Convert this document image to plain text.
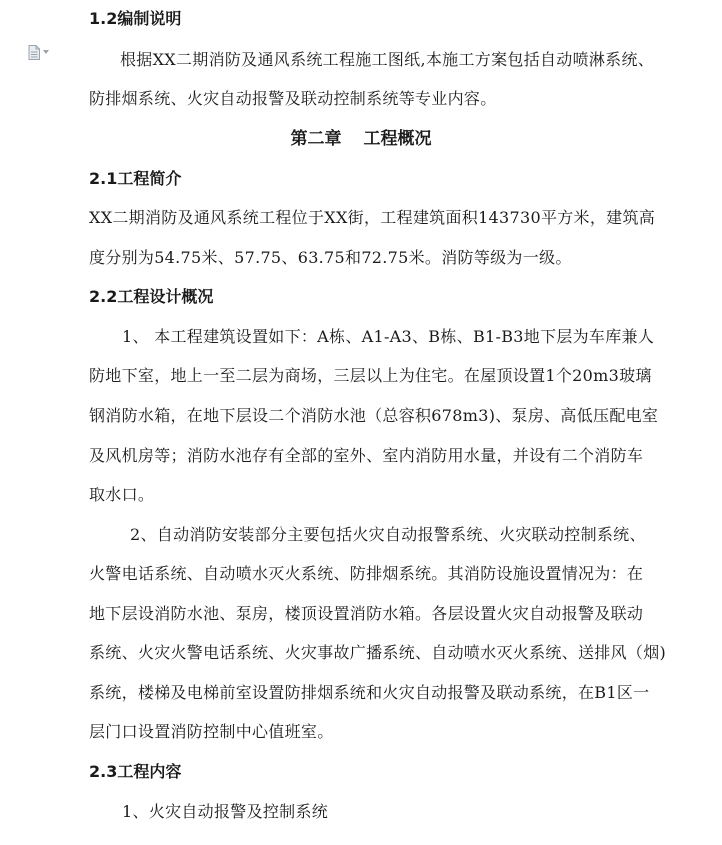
1.2编制说明
根据XX二期消防及通风系统工程施工图纸,本施工方案包括自动喷淋系统、
防排烟系统、火灾自动报警及联动控制系统等专业内容。
第二章 工程概况
2.1工程简介
XX二期消防及通风系统工程位于XX街，工程建筑面积143730平方米，建筑高
度分别为54.75米、57.75、63.75和72.75米。消防等级为一级。
2.2工程设计概况
1、 本工程建筑设置如下：A栋、A1-A3、B栋、B1-B3地下层为车库兼人
防地下室，地上一至二层为商场，三层以上为住宅。在屋顶设置1个20m3玻璃
钢消防水箱，在地下层设二个消防水池（总容积678m3)、泵房、高低压配电室
及风机房等；消防水池存有全部的室外、室内消防用水量，并设有二个消防车
取水口。
2、自动消防安装部分主要包括火灾自动报警系统、火灾联动控制系统、
火警电话系统、自动喷水灭火系统、防排烟系统。其消防设施设置情况为：在
地下层设消防水池、泵房，楼顶设置消防水箱。各层设置火灾自动报警及联动
系统、火灾火警电话系统、火灾事故广播系统、自动喷水灭火系统、送排风（烟)
系统，楼梯及电梯前室设置防排烟系统和火灾自动报警及联动系统，在B1区一
层门口设置消防控制中心值班室。
2.3工程内容
1、火灾自动报警及控制系统
